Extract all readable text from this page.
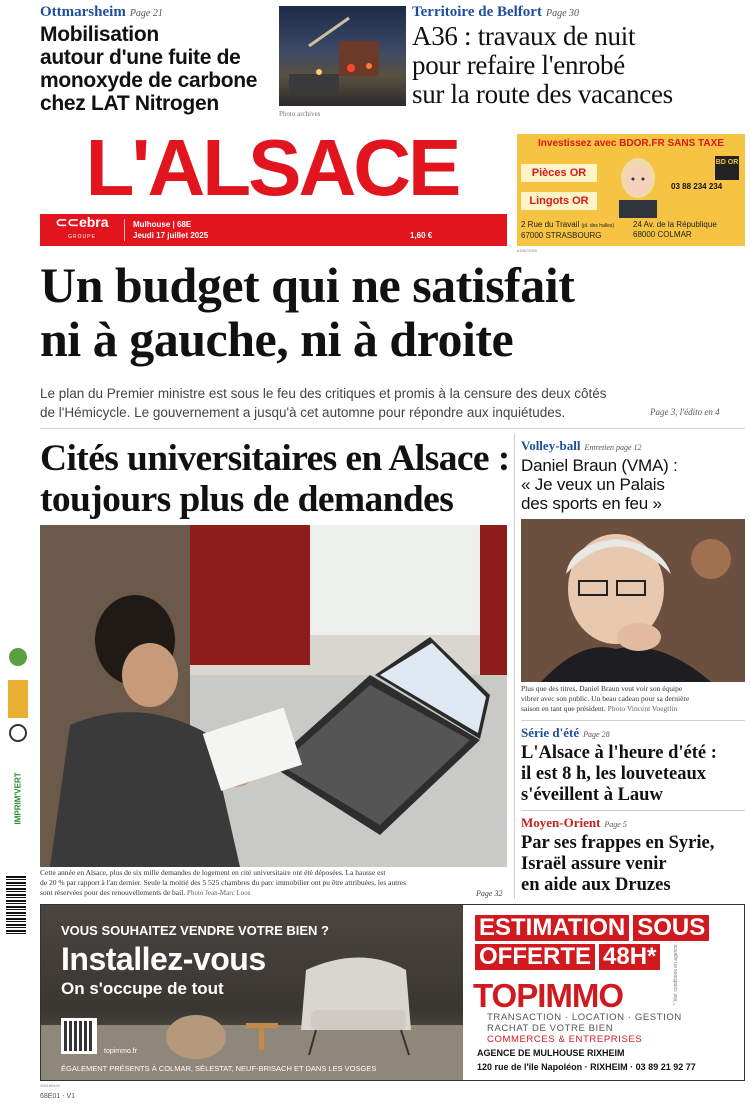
Ottmarsheim Page 21
Mobilisation
autour d'une fuite de
monoxyde de carbone
chez LAT Nitrogen	Photo archives
Territoire de Belfort Page 30
A36 : travaux de nuit
pour refaire l'enrobé
sur la route des vacances
L'ALSACE
⊂⊂ebra
GROUPE
Mulhouse | 68E
Jeudi 17 juillet 2025	1,60 €
Investissez avec BDOR.FR SANS TAXE
Pièces OR
Lingots OR
BD OR
03 88 234 234
2 Rue du Travail (pl. des halles)
67000 STRASBOURG
24 Av. de la République
68000 COLMAR
639673900
Un budget qui ne satisfait
ni à gauche, ni à droite
Le plan du Premier ministre est sous le feu des critiques et promis à la censure des deux côtés
de l'Hémicycle. Le gouvernement a jusqu'à cet automne pour répondre aux inquiétudes.	Page 3, l'édito en 4
Cités universitaires en Alsace :
toujours plus de demandes
Cette année en Alsace, plus de six mille demandes de logement en cité universitaire ont été déposées. La hausse est
de 20 % par rapport à l'an dernier. Seule la moitié des 5 525 chambres du parc immobilier ont pu être attribuées, les autres
sont réservées pour des renouvellements de bail. Photo Jean-Marc Loos	Page 32
Volley-ball Entretien page 12
Daniel Braun (VMA) :
« Je veux un Palais
des sports en feu »
Plus que des titres, Daniel Braun veut voir son équipe
vibrer avec son public. Un beau cadeau pour sa dernière
saison en tant que président. Photo Vincent Voegtlin
Série d'été Page 28
L'Alsace à l'heure d'été :
il est 8 h, les louveteaux
s'éveillent à Lauw
Moyen-Orient Page 5
Par ses frappes en Syrie,
Israël assure venir
en aide aux Druzes
IMPRIM'VERT
VOUS SOUHAITEZ VENDRE VOTRE BIEN ?
Installez-vous
On s'occupe de tout
topimmo.fr
ÉGALEMENT PRÉSENTS À COLMAR, SÉLESTAT, NEUF-BRISACH ET DANS LES VOSGES
ESTIMATION SOUS
OFFERTE 48H*
TOPIMMO
TRANSACTION · LOCATION · GESTION
RACHAT DE VOTRE BIEN
COMMERCES & ENTREPRISES
AGENCE DE MULHOUSE RIXHEIM
120 rue de l'île Napoléon · RIXHEIM · 03 89 21 92 77
* Voir conditions en agence
456160400
68E01 - V1
